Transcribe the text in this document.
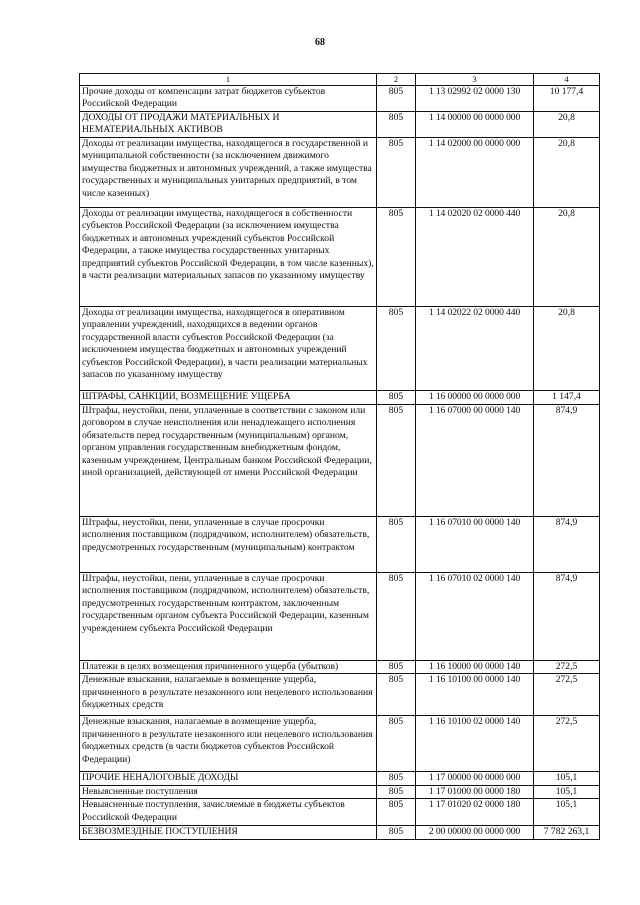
68
1	2	3	4
Прочие доходы от компенсации затрат бюджетов субъектов Российской Федерации	805	1 13 02992 02 0000 130	10 177,4
ДОХОДЫ ОТ ПРОДАЖИ МАТЕРИАЛЬНЫХ И НЕМАТЕРИАЛЬНЫХ АКТИВОВ	805	1 14 00000 00 0000 000	20,8
Доходы от реализации имущества, находящегося в государственной и муниципальной собственности (за исключением движимого имущества бюджетных и автономных учреждений, а также имущества государственных и муниципальных унитарных предприятий, в том числе казенных)	805	1 14 02000 00 0000 000	20,8
Доходы от реализации имущества, находящегося в собственности субъектов Российской Федерации (за исключением имущества бюджетных и автономных учреждений субъектов Российской Федерации, а также имущества государственных унитарных предприятий субъектов Российской Федерации, в том числе казенных), в части реализации материальных запасов по указанному имуществу	805	1 14 02020 02 0000 440	20,8
Доходы от реализации имущества, находящегося в оперативном управлении учреждений, находящихся в ведении органов государственной власти субъектов Российской Федерации (за исключением имущества бюджетных и автономных учреждений субъектов Российской Федерации), в части реализации материальных запасов по указанному имуществу	805	1 14 02022 02 0000 440	20,8
ШТРАФЫ, САНКЦИИ, ВОЗМЕЩЕНИЕ УЩЕРБА	805	1 16 00000 00 0000 000	1 147,4
Штрафы, неустойки, пени, уплаченные в соответствии с законом или договором в случае неисполнения или ненадлежащего исполнения обязательств перед государственным (муниципальным) органом, органом управления государственным внебюджетным фондом, казенным учреждением, Центральным банком Российской Федерации, иной организацией, действующей от имени Российской Федерации	805	1 16 07000 00 0000 140	874,9
Штрафы, неустойки, пени, уплаченные в случае просрочки исполнения поставщиком (подрядчиком, исполнителем) обязательств, предусмотренных государственным (муниципальным) контрактом	805	1 16 07010 00 0000 140	874,9
Штрафы, неустойки, пени, уплаченные в случае просрочки исполнения поставщиком (подрядчиком, исполнителем) обязательств, предусмотренных государственным контрактом, заключенным государственным органом субъекта Российской Федерации, казенным учреждением субъекта Российской Федерации	805	1 16 07010 02 0000 140	874,9
Платежи в целях возмещения причиненного ущерба (убытков)	805	1 16 10000 00 0000 140	272,5
Денежные взыскания, налагаемые в возмещение ущерба, причиненного в результате незаконного или нецелевого использования бюджетных средств	805	1 16 10100 00 0000 140	272,5
Денежные взыскания, налагаемые в возмещение ущерба, причиненного в результате незаконного или нецелевого использования бюджетных средств (в части бюджетов субъектов Российской Федерации)	805	1 16 10100 02 0000 140	272,5
ПРОЧИЕ НЕНАЛОГОВЫЕ ДОХОДЫ	805	1 17 00000 00 0000 000	105,1
Невыясненные поступления	805	1 17 01000 00 0000 180	105,1
Невыясненные поступления, зачисляемые в бюджеты субъектов Российской Федерации	805	1 17 01020 02 0000 180	105,1
БЕЗВОЗМЕЗДНЫЕ ПОСТУПЛЕНИЯ	805	2 00 00000 00 0000 000	7 782 263,1
